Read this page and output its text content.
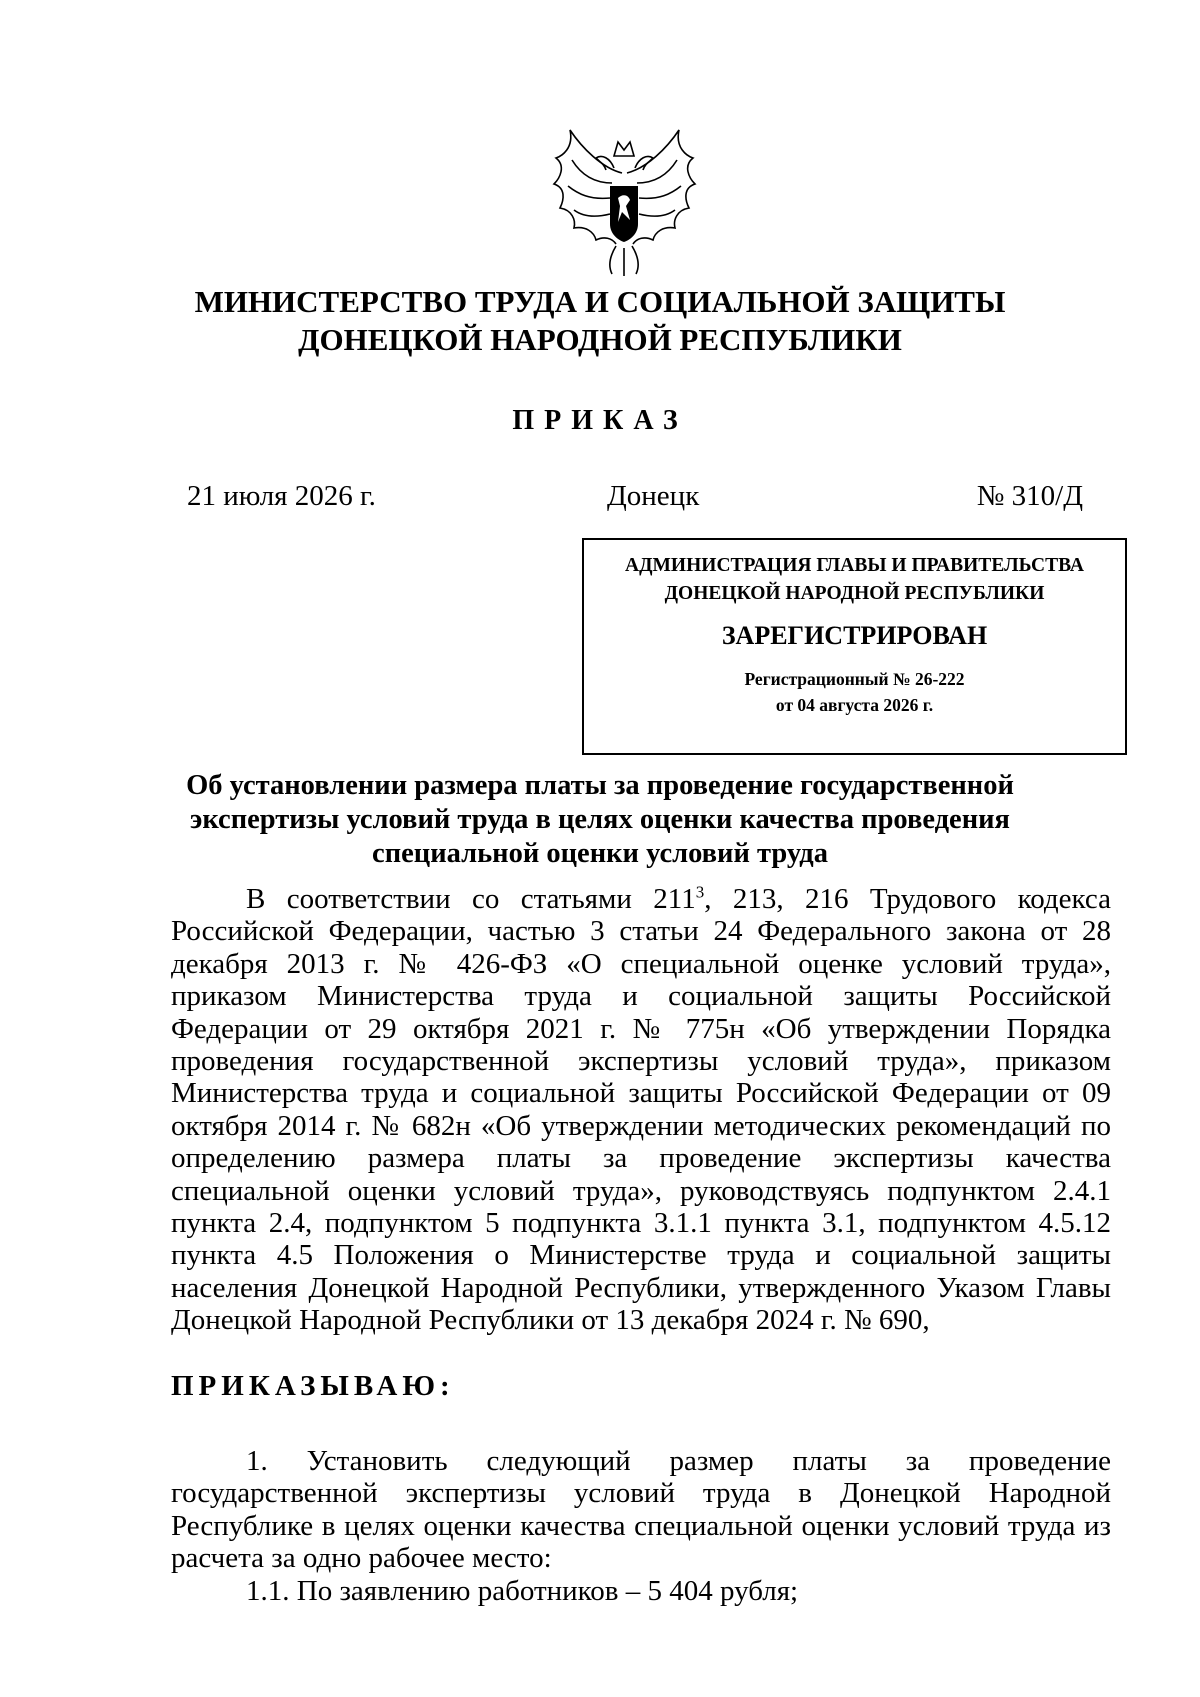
МИНИСТЕРСТВО ТРУДА И СОЦИАЛЬНОЙ ЗАЩИТЫ
ДОНЕЦКОЙ НАРОДНОЙ РЕСПУБЛИКИ
ПРИКАЗ
21 июля 2026 г.	Донецк	№ 310/Д
АДМИНИСТРАЦИЯ ГЛАВЫ И ПРАВИТЕЛЬСТВА
ДОНЕЦКОЙ НАРОДНОЙ РЕСПУБЛИКИ
ЗАРЕГИСТРИРОВАН
Регистрационный № 26-222
от 04 августа 2026 г.
Об установлении размера платы за проведение государственной
экспертизы условий труда в целях оценки качества проведения
специальной оценки условий труда

В соответствии со статьями $211^3$, 213, 216 Трудового кодекса Российской Федерации, частью 3 статьи 24 Федерального закона от 28 декабря 2013 г. № 426-ФЗ «О специальной оценке условий труда», приказом Министерства труда и социальной защиты Российской Федерации от 29 октября 2021 г. № 775н «Об утверждении Порядка проведения государственной экспертизы условий труда», приказом Министерства труда и социальной защиты Российской Федерации от 09 октября 2014 г. № 682н «Об утверждении методических рекомендаций по определению размера платы за проведение экспертизы качества специальной оценки условий труда», руководствуясь подпунктом 2.4.1 пункта 2.4, подпунктом 5 подпункта 3.1.1 пункта 3.1, подпунктом 4.5.12 пункта 4.5 Положения о Министерстве труда и социальной защиты населения Донецкой Народной Республики, утвержденного Указом Главы Донецкой Народной Республики от 13 декабря 2024 г. № 690,

ПРИКАЗЫВАЮ:

1. Установить следующий размер платы за проведение государственной экспертизы условий труда в Донецкой Народной Республике в целях оценки качества специальной оценки условий труда из расчета за одно рабочее место:

1.1. По заявлению работников – 5 404 рубля;
